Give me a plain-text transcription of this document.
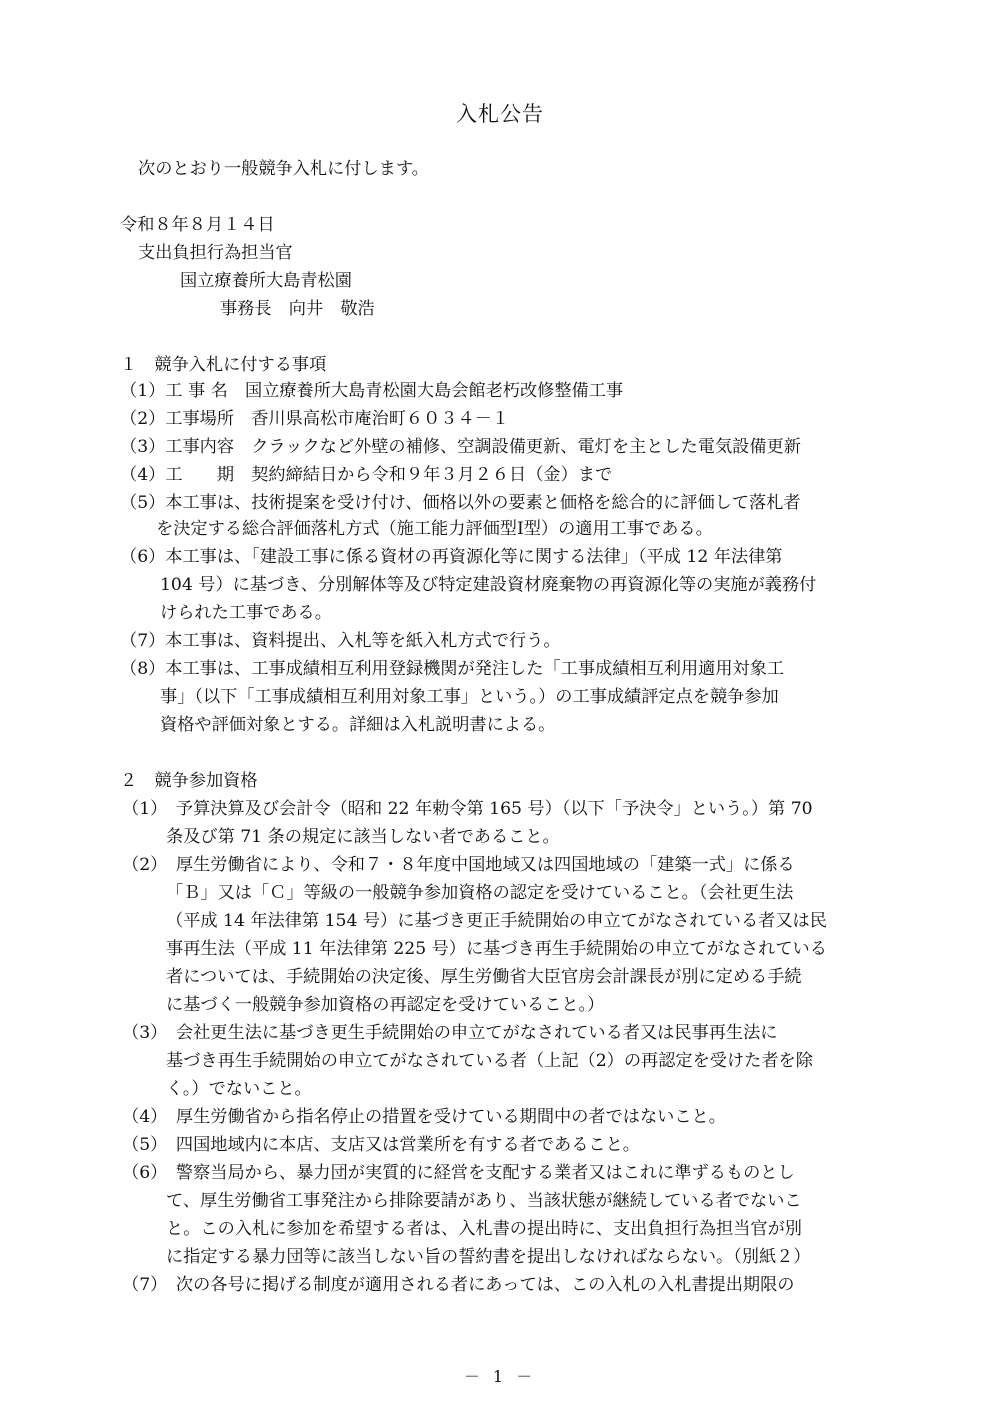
入札公告
次のとおり一般競争入札に付します。
令和８年８月１４日
支出負担行為担当官
国立療養所大島青松園
事務長　向井　敬浩
１　競争入札に付する事項
（1）工 事 名　国立療養所大島青松園大島会館老朽改修整備工事
（2）工事場所　香川県高松市庵治町６０３４－１
（3）工事内容　クラックなど外壁の補修、空調設備更新、電灯を主とした電気設備更新
（4）工　　期　契約締結日から令和９年３月２６日（金）まで
（5）本工事は、技術提案を受け付け、価格以外の要素と価格を総合的に評価して落札者
を決定する総合評価落札方式（施工能力評価型Ⅰ型）の適用工事である。
（6）本工事は、「建設工事に係る資材の再資源化等に関する法律」（平成 12 年法律第
104 号）に基づき、分別解体等及び特定建設資材廃棄物の再資源化等の実施が義務付
けられた工事である。
（7）本工事は、資料提出、入札等を紙入札方式で行う。
（8）本工事は、工事成績相互利用登録機関が発注した「工事成績相互利用適用対象工
事」（以下「工事成績相互利用対象工事」という。）の工事成績評定点を競争参加
資格や評価対象とする。詳細は入札説明書による。
２　競争参加資格
（1）　予算決算及び会計令（昭和 22 年勅令第 165 号）（以下「予決令」という。）第 70
条及び第 71 条の規定に該当しない者であること。
（2）　厚生労働省により、令和７・８年度中国地域又は四国地域の「建築一式」に係る
「Ｂ」又は「Ｃ」等級の一般競争参加資格の認定を受けていること。（会社更生法
（平成 14 年法律第 154 号）に基づき更正手続開始の申立てがなされている者又は民
事再生法（平成 11 年法律第 225 号）に基づき再生手続開始の申立てがなされている
者については、手続開始の決定後、厚生労働省大臣官房会計課長が別に定める手続
に基づく一般競争参加資格の再認定を受けていること。）
（3）　会社更生法に基づき更生手続開始の申立てがなされている者又は民事再生法に
基づき再生手続開始の申立てがなされている者（上記（2）の再認定を受けた者を除
く。）でないこと。
（4）　厚生労働省から指名停止の措置を受けている期間中の者ではないこと。
（5）　四国地域内に本店、支店又は営業所を有する者であること。
（6）　警察当局から、暴力団が実質的に経営を支配する業者又はこれに準ずるものとし
て、厚生労働省工事発注から排除要請があり、当該状態が継続している者でないこ
と。この入札に参加を希望する者は、入札書の提出時に、支出負担行為担当官が別
に指定する暴力団等に該当しない旨の誓約書を提出しなければならない。（別紙２）
（7）　次の各号に掲げる制度が適用される者にあっては、この入札の入札書提出期限の
－ 1 －
